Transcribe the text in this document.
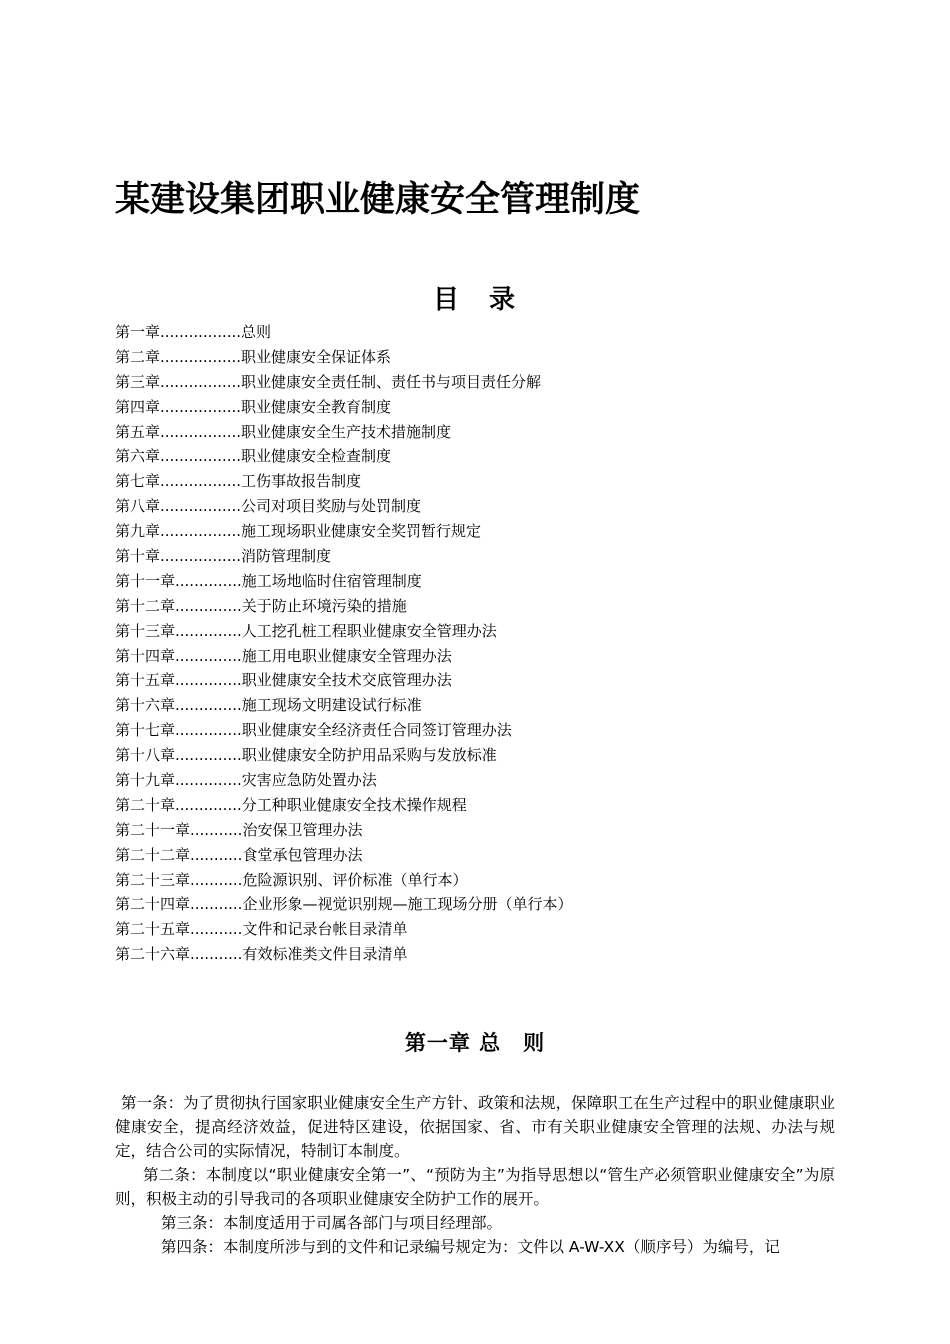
某建设集团职业健康安全管理制度
目　录
第一章.................总则
第二章.................职业健康安全保证体系
第三章.................职业健康安全责任制、责任书与项目责任分解
第四章.................职业健康安全教育制度
第五章.................职业健康安全生产技术措施制度
第六章.................职业健康安全检查制度
第七章.................工伤事故报告制度
第八章.................公司对项目奖励与处罚制度
第九章.................施工现场职业健康安全奖罚暂行规定
第十章.................消防管理制度
第十一章..............施工场地临时住宿管理制度
第十二章..............关于防止环境污染的措施
第十三章..............人工挖孔桩工程职业健康安全管理办法
第十四章..............施工用电职业健康安全管理办法
第十五章..............职业健康安全技术交底管理办法
第十六章..............施工现场文明建设试行标准
第十七章..............职业健康安全经济责任合同签订管理办法
第十八章..............职业健康安全防护用品采购与发放标准
第十九章..............灾害应急防处置办法
第二十章..............分工种职业健康安全技术操作规程
第二十一章...........治安保卫管理办法
第二十二章...........食堂承包管理办法
第二十三章...........危险源识别、评价标准（单行本）
第二十四章...........企业形象—视觉识别规—施工现场分册（单行本）
第二十五章...........文件和记录台帐目录清单
第二十六章...........有效标准类文件目录清单
第一章 总　则

第一条：为了贯彻执行国家职业健康安全生产方针、政策和法规，保障职工在生产过程中的职业健康职业健康安全，提高经济效益，促进特区建设，依据国家、省、市有关职业健康安全管理的法规、办法与规定，结合公司的实际情况，特制订本制度。

第二条：本制度以“职业健康安全第一”、“预防为主”为指导思想以“管生产必须管职业健康安全”为原则，积极主动的引导我司的各项职业健康安全防护工作的展开。

第三条：本制度适用于司属各部门与项目经理部。

第四条：本制度所涉与到的文件和记录编号规定为：文件以 A-W-XX（顺序号）为编号，记
